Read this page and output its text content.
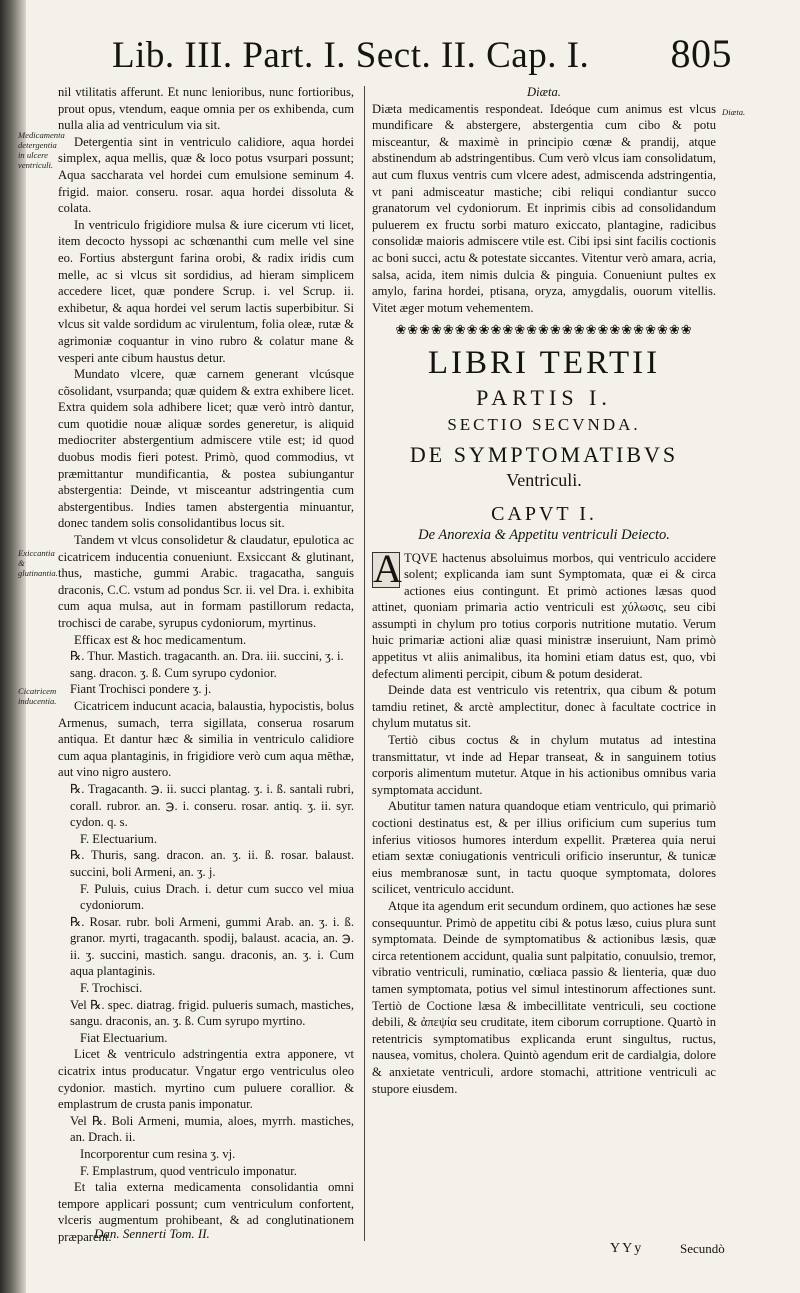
Lib. III. Part. I. Sect. II. Cap. I. 805
Medicamenta detergentia in ulcere ventriculi.
Exiccantia & glutinantia.
Cicatricem inducentia.
Diæta.

nil vtilitatis afferunt. Et nunc lenioribus, nunc fortioribus, prout opus, vtendum, eaque omnia per os exhibenda, cum nulla alia ad ventriculum via sit.

Detergentia sint in ventriculo calidiore, aqua hordei simplex, aqua mellis, quæ & loco potus vsurpari possunt; Aqua saccharata vel hordei cum emulsione seminum 4. frigid. maior. conseru. rosar. aqua hordei dissoluta & colata.

In ventriculo frigidiore mulsa & iure cicerum vti licet, item decocto hyssopi ac schœnanthi cum melle vel sine eo. Fortius abstergunt farina orobi, & radix iridis cum melle, ac si vlcus sit sordidius, ad hieram simplicem accedere licet, quæ pondere Scrup. i. vel Scrup. ii. exhibetur, & aqua hordei vel serum lactis superbibitur. Si vlcus sit valde sordidum ac virulentum, folia oleæ, rutæ & agrimoniæ coquantur in vino rubro & colatur mane & vesperi ante cibum haustus detur.

Mundato vlcere, quæ carnem generant vlcúsque cõsolidant, vsurpanda; quæ quidem & extra exhibere licet. Extra quidem sola adhibere licet; quæ verò intrò dantur, cum quotidie nouæ aliquæ sordes generetur, is aliquid mediocriter abstergentium admiscere vtile est; id quod duobus modis fieri potest. Primò, quod commodius, vt præmittantur mundificantia, & postea subiungantur abstergentia: Deinde, vt misceantur adstringentia cum abstergentibus. Indies tamen abstergentia minuantur, donec tandem solis consolidantibus locus sit.

Tandem vt vlcus consolidetur & claudatur, epulotica ac cicatricem inducentia conueniunt. Exsiccant & glutinant, thus, mastiche, gummi Arabic. tragacatha, sanguis draconis, C.C. vstum ad pondus Scr. ii. vel Dra. i. exhibita cum aqua mulsa, aut in formam pastillorum redacta, trochisci de carabe, syrupus cydoniorum, myrtinus.

Efficax est & hoc medicamentum.

℞. Thur. Mastich. tragacanth. an. Dra. iii. succini, ʒ. i.

sang. dracon. ʒ. ß. Cum syrupo cydonior.

Fiant Trochisci pondere ʒ. j.

Cicatricem inducunt acacia, balaustia, hypocistis, bolus Armenus, sumach, terra sigillata, conserua rosarum antiqua. Et dantur hæc & similia in ventriculo calidiore cum aqua plantaginis, in frigidiore verò cum aqua mēthæ, aut vino nigro austero.

℞. Tragacanth. ℈. ii. succi plantag. ʒ. i. ß. santali rubri, corall. rubror. an. ℈. i. conseru. rosar. antiq. ʒ. ii. syr. cydon. q. s.

F. Electuarium.

℞. Thuris, sang. dracon. an. ʒ. ii. ß. rosar. balaust. succini, boli Armeni, an. ʒ. j.

F. Puluis, cuius Drach. i. detur cum succo vel miua cydoniorum.

℞. Rosar. rubr. boli Armeni, gummi Arab. an. ʒ. i. ß. granor. myrti, tragacanth. spodij, balaust. acacia, an. ℈. ii. ʒ. succini, mastich. sangu. draconis, an. ʒ. i. Cum aqua plantaginis.

F. Trochisci.

Vel ℞. spec. diatrag. frigid. pulueris sumach, mastiches, sangu. draconis, an. ʒ. ß. Cum syrupo myrtino.

Fiat Electuarium.

Licet & ventriculo adstringentia extra apponere, vt cicatrix intus producatur. Vngatur ergo ventriculus oleo cydonior. mastich. myrtino cum puluere corallior. & emplastrum de crusta panis imponatur.

Vel ℞. Boli Armeni, mumia, aloes, myrrh. mastiches, an. Drach. ii.

Incorporentur cum resina ʒ. vj.

F. Emplastrum, quod ventriculo imponatur.

Et talia externa medicamenta consolidantia omni tempore applicari possunt; cum ventriculum confortent, vlceris augmentum prohibeant, & ad conglutinationem præparent.

Diæta.

Diæta medicamentis respondeat. Ideóque cum animus est vlcus mundificare & abstergere, abstergentia cum cibo & potu misceantur, & maximè in principio cœnæ & prandij, atque abstinendum ab adstringentibus. Cum verò vlcus iam consolidatum, aut cum fluxus ventris cum vlcere adest, admiscenda adstringentia, vt pani admisceatur mastiche; cibi reliqui condiantur succo granatorum vel cydoniorum. Et inprimis cibis ad consolidandum puluerem ex fructu sorbi maturo exiccato, plantagine, radicibus consolidæ maioris admiscere vtile est. Cibi ipsi sint facilis coctionis ac boni succi, actu & potestate siccantes. Vitentur verò amara, acria, salsa, acida, item nimis dulcia & pinguia. Conueniunt pultes ex amylo, farina hordei, ptisana, oryza, amygdalis, ouorum vitellis. Vitet æger motum vehementem.

❀❀❀❀❀❀❀❀❀❀❀❀❀❀❀❀❀❀❀❀❀❀❀❀❀
LIBRI TERTII
PARTIS I.
SECTIO SECVNDA.
DE SYMPTOMATIBVS
Ventriculi.
CAPVT I.
De Anorexia & Appetitu ventriculi Deiecto.

A TQVE hactenus absoluimus morbos, qui ventriculo accidere solent; explicanda iam sunt Symptomata, quæ ei & circa actiones eius contingunt. Et primò actiones læsas quod attinet, quoniam primaria actio ventriculi est χύλωσις, seu cibi assumpti in chylum pro totius corporis nutritione mutatio. Verum huic primariæ actioni aliæ quasi ministræ inseruiunt, Nam primò appetitus vt aliis animalibus, ita homini etiam datus est, quo, vbi defectum alimenti percipit, cibum & potum desiderat.

Deinde data est ventriculo vis retentrix, qua cibum & potum tamdiu retinet, & arctè amplectitur, donec à facultate coctrice in chylum mutatus sit.

Tertiò cibus coctus & in chylum mutatus ad intestina transmittatur, vt inde ad Hepar transeat, & in sanguinem totius corporis alimentum mutetur. Atque in his actionibus omnibus varia symptomata accidunt.

Abutitur tamen natura quandoque etiam ventriculo, qui primariò coctioni destinatus est, & per illius orificium cum superius tum inferius vitiosos humores interdum expellit. Præterea quia nerui etiam sextæ coniugationis ventriculi orificio inseruntur, & tunicæ eius membranosæ sunt, in tactu quoque symptomata, dolores scilicet, ventriculo accidunt.

Atque ita agendum erit secundum ordinem, quo actiones hæ sese consequuntur. Primò de appetitu cibi & potus læso, cuius plura sunt symptomata. Deinde de symptomatibus & actionibus læsis, quæ circa retentionem accidunt, qualia sunt palpitatio, conuulsio, tremor, vibratio ventriculi, ruminatio, cœliaca passio & lienteria, quæ duo tamen symptomata, potius vel simul intestinorum affectiones sunt. Tertiò de Coctione læsa & imbecillitate ventriculi, seu coctione debili, & ἀπεψία seu cruditate, item ciborum corruptione. Quartò in retentricis symptomatibus explicanda erunt singultus, ructus, nausea, vomitus, cholera. Quintò agendum erit de cardialgia, dolore & anxietate ventriculi, ardore stomachi, attritione ventriculi ac stupore eiusdem.

Dan. Sennerti Tom. II.
YYy	Secundò
